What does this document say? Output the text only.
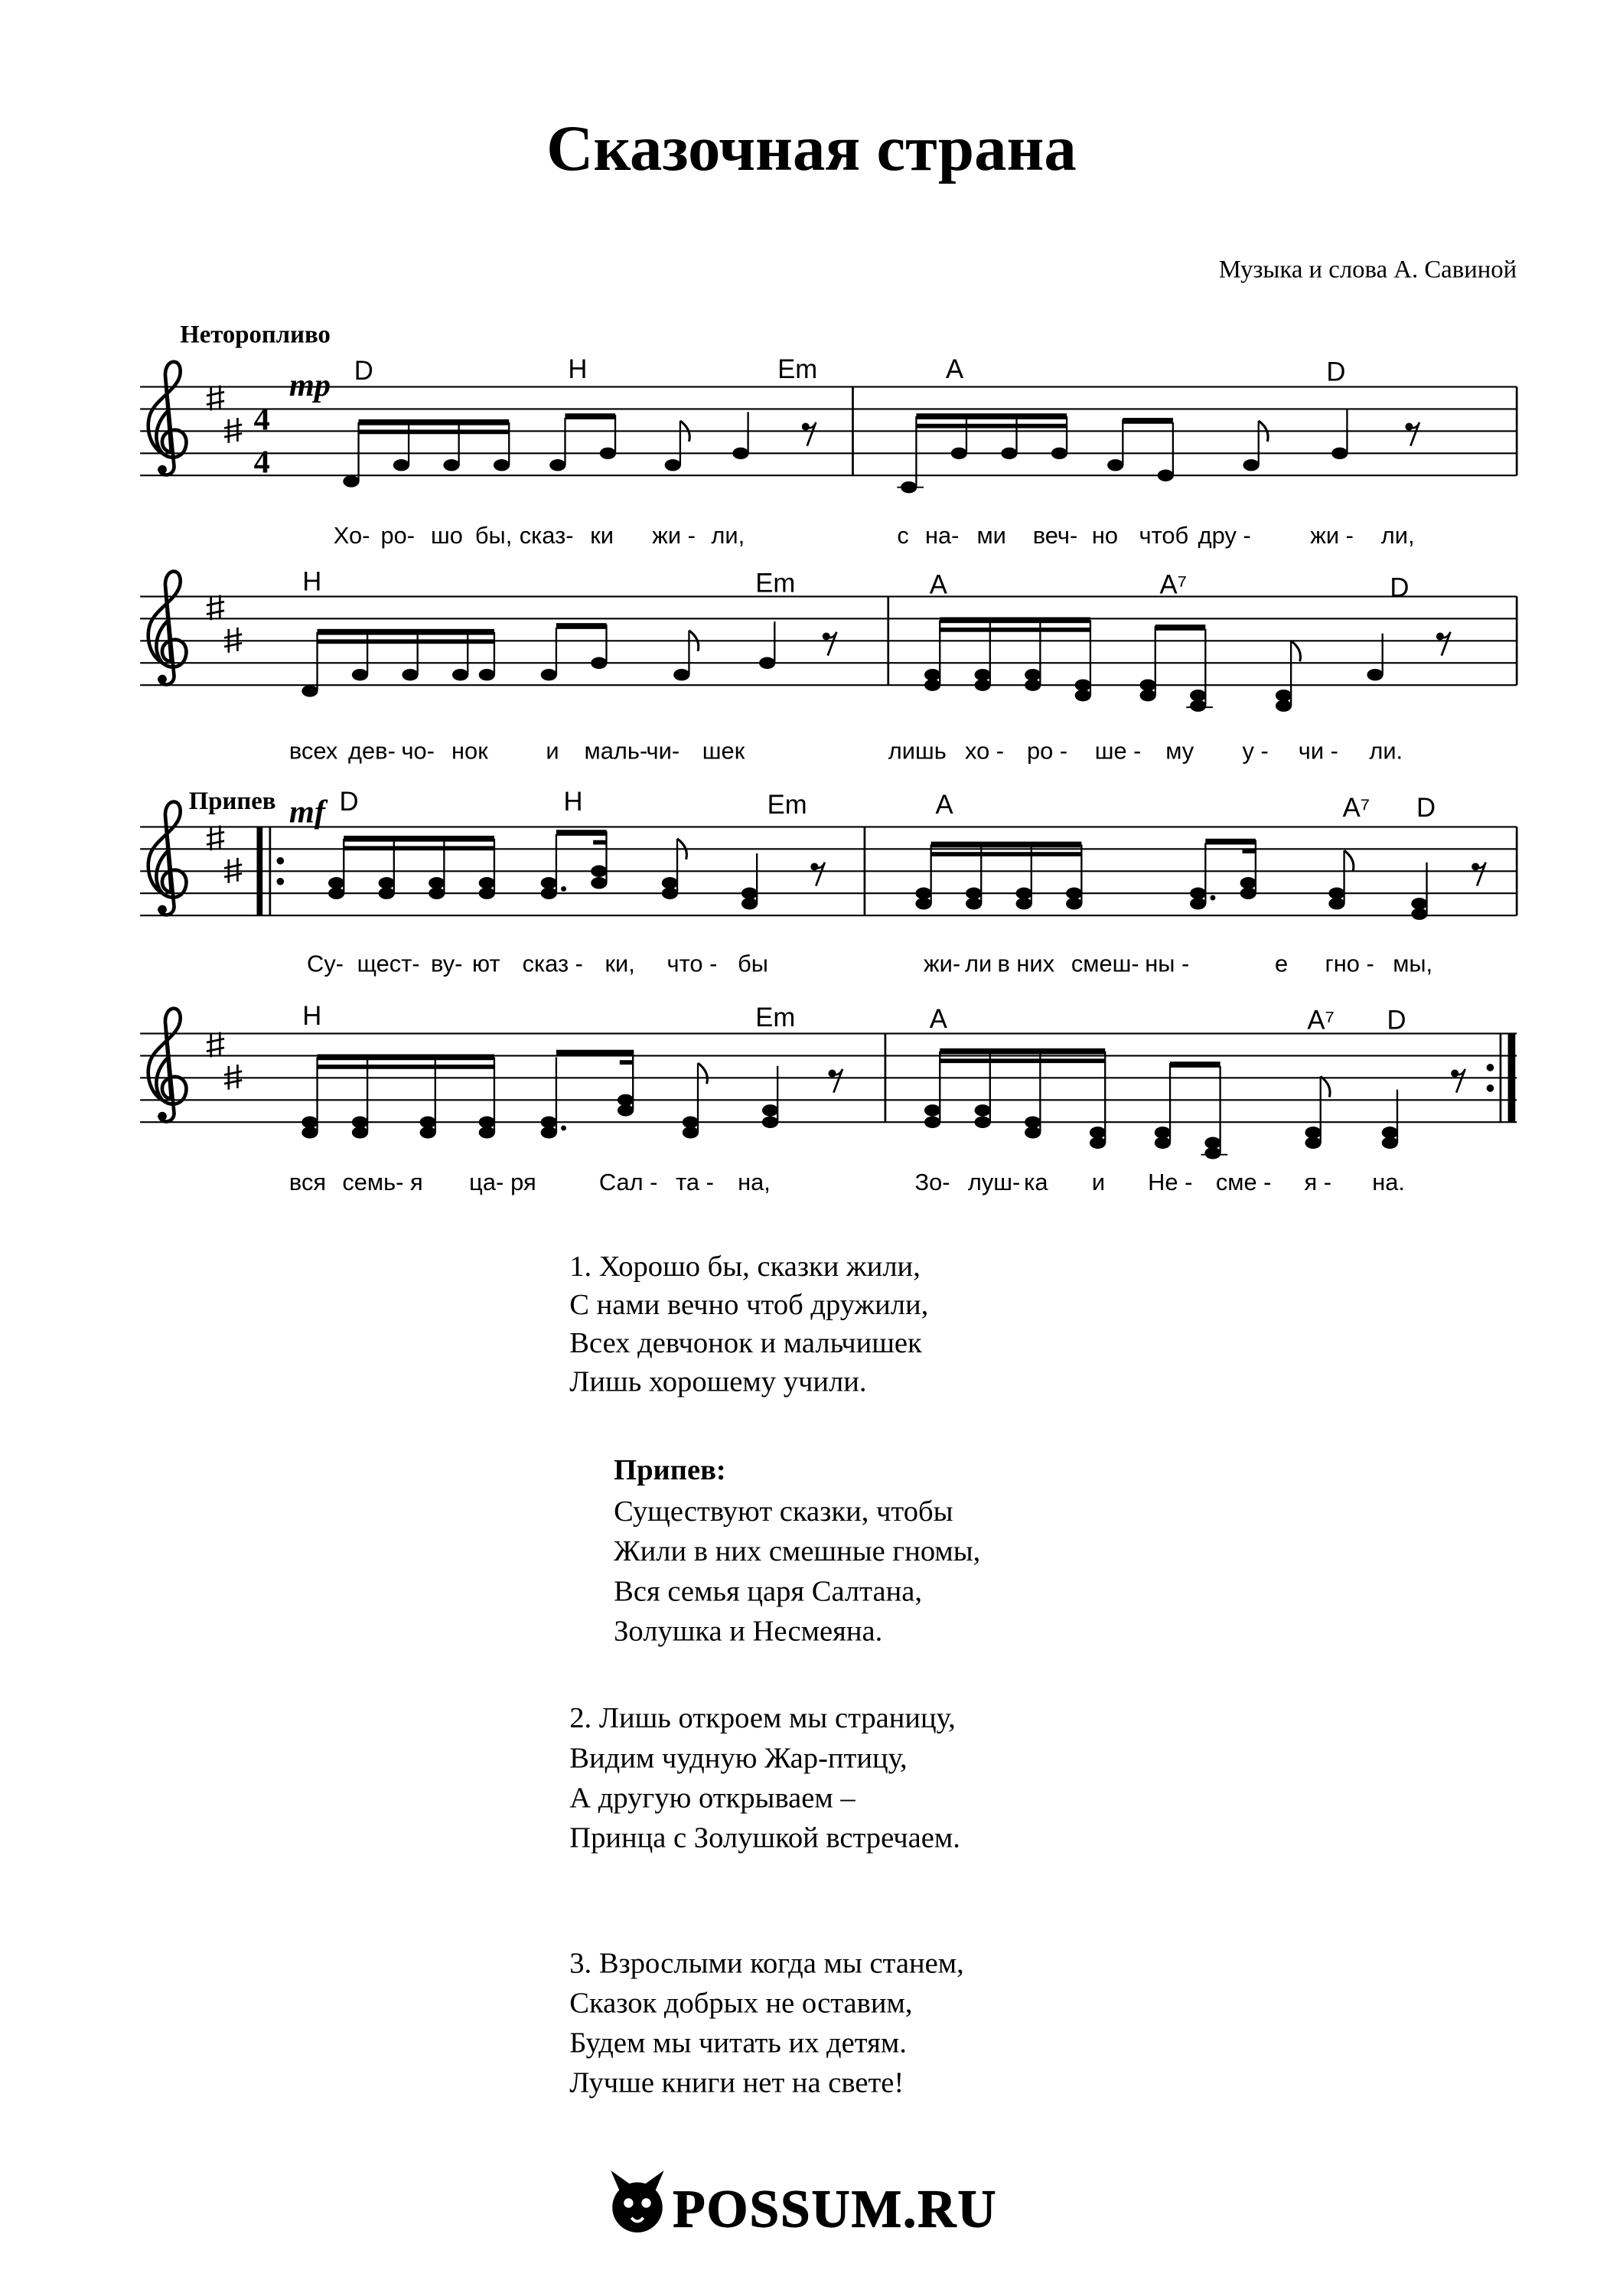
Сказочная страна
Музыка и слова А. Савиной
Неторопливо
4
4
mp D	H	Em	A	D
Хо- ро- шо бы, сказ- ки	жи - ли,	с на- ми веч- но чтоб дру -	жи - ли,
H	Em	A	A⁷	D
всех дев- чо- нок	и маль-
чи- шек	лишь хо - ро - ше - му	у - чи -	ли.
Припев mf D	H	Em	A	A⁷	D
Су- щест- ву- ют сказ - ки,	что - бы	жи- ли в них смеш- ны -	е	гно - мы,
H	Em	A	A⁷	D
вся семь- я	ца- ря	Сал - та - на,	Зо- луш- ка	и	Не - сме -	я -	на.
1. Хорошо бы, сказки жили,
С нами вечно чтоб дружили,
Всех девчонок и мальчишек
Лишь хорошему учили.
Припев:
Существуют сказки, чтобы
Жили в них смешные гномы,
Вся семья царя Салтана,
Золушка и Несмеяна.
2. Лишь откроем мы страницу,
Видим чудную Жар-птицу,
А другую открываем –
Принца с Золушкой встречаем.
3. Взрослыми когда мы станем,
Сказок добрых не оставим,
Будем мы читать их детям.
Лучше книги нет на свете!
POSSUM.RU
